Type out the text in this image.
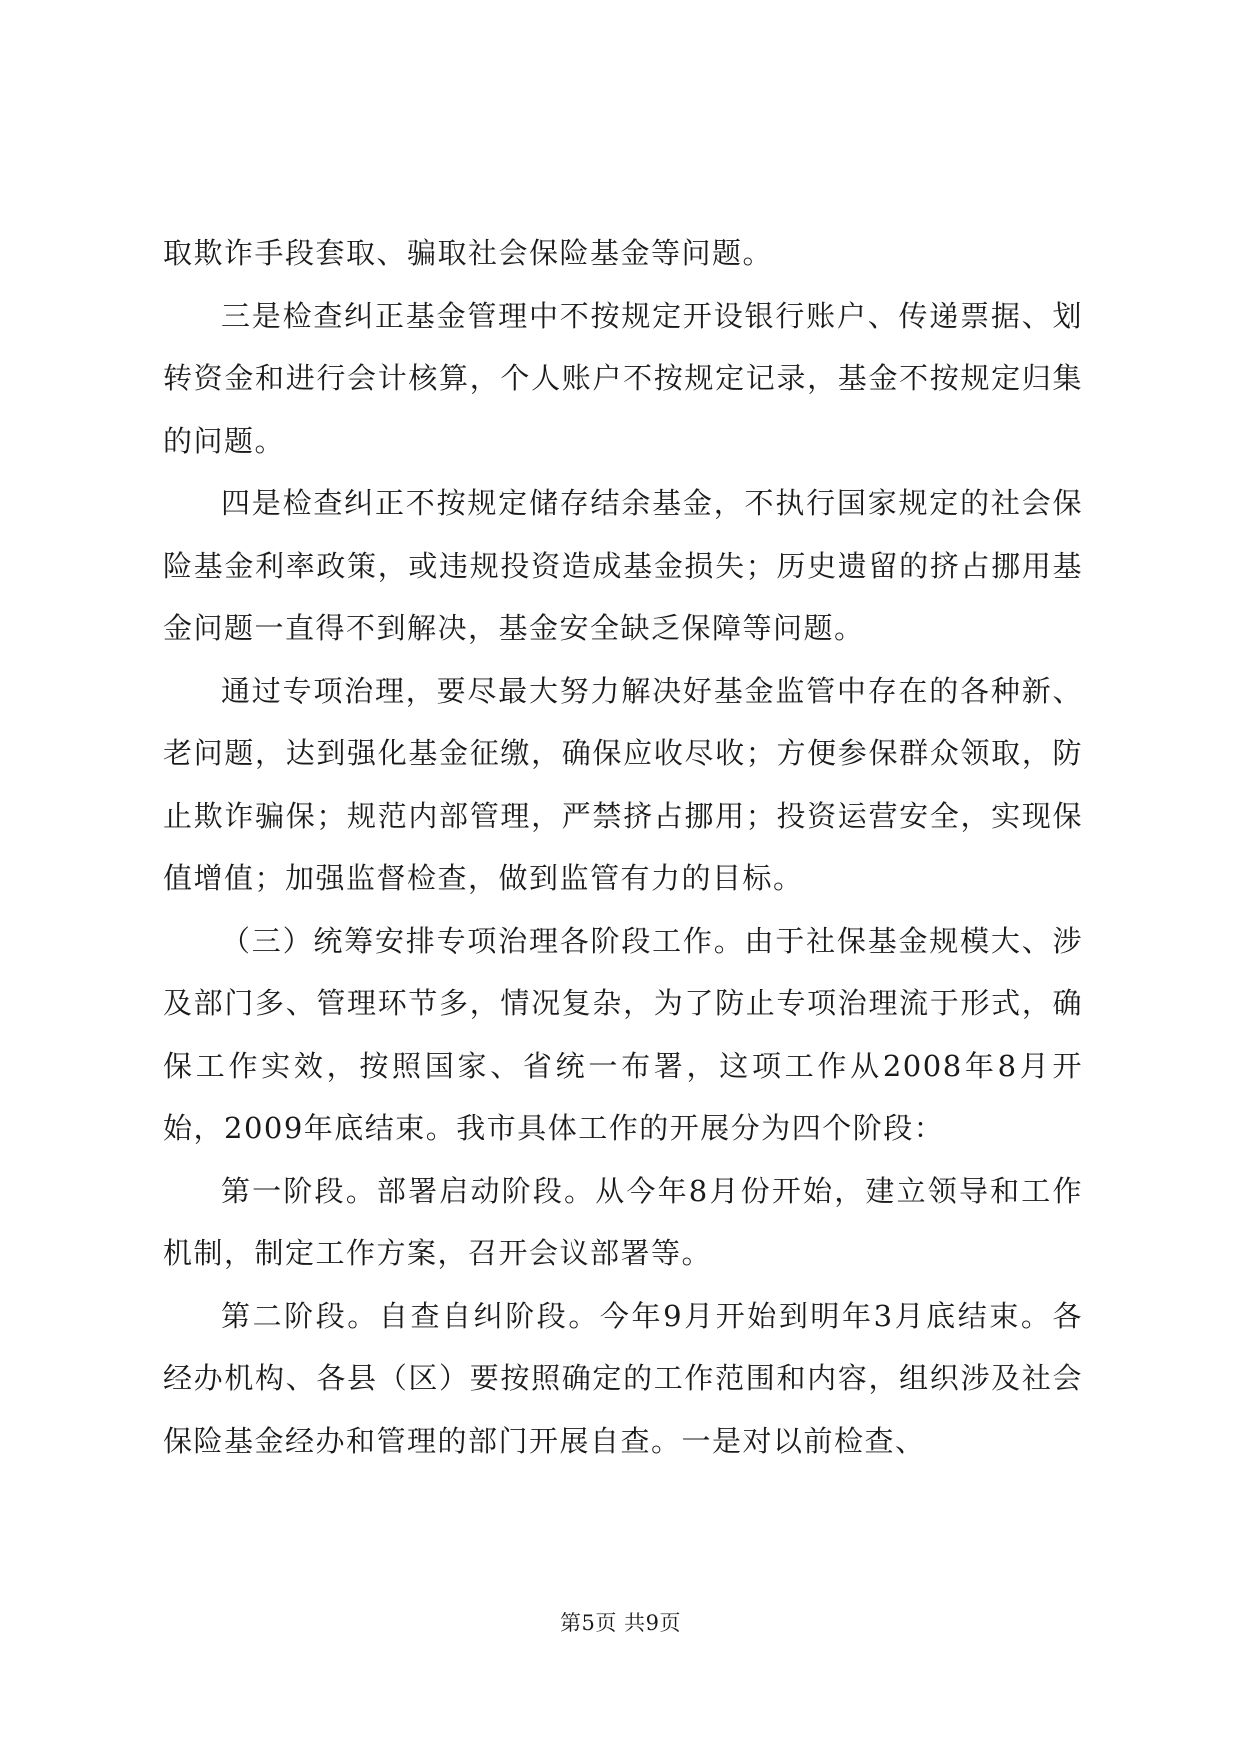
取欺诈手段套取、骗取社会保险基金等问题。

三是检查纠正基金管理中不按规定开设银行账户、传递票据、划转资金和进行会计核算，个人账户不按规定记录，基金不按规定归集的问题。

四是检查纠正不按规定储存结余基金，不执行国家规定的社会保险基金利率政策，或违规投资造成基金损失；历史遗留的挤占挪用基金问题一直得不到解决，基金安全缺乏保障等问题。

通过专项治理，要尽最大努力解决好基金监管中存在的各种新、老问题，达到强化基金征缴，确保应收尽收；方便参保群众领取，防止欺诈骗保；规范内部管理，严禁挤占挪用；投资运营安全，实现保值增值；加强监督检查，做到监管有力的目标。

（三）统筹安排专项治理各阶段工作。由于社保基金规模大、涉及部门多、管理环节多，情况复杂，为了防止专项治理流于形式，确保工作实效，按照国家、省统一布署，这项工作从2008年8月开始，2009年底结束。我市具体工作的开展分为四个阶段：

第一阶段。部署启动阶段。从今年8月份开始，建立领导和工作机制，制定工作方案，召开会议部署等。

第二阶段。自查自纠阶段。今年9月开始到明年3月底结束。各经办机构、各县（区）要按照确定的工作范围和内容，组织涉及社会保险基金经办和管理的部门开展自查。一是对以前检查、

第5页 共9页
